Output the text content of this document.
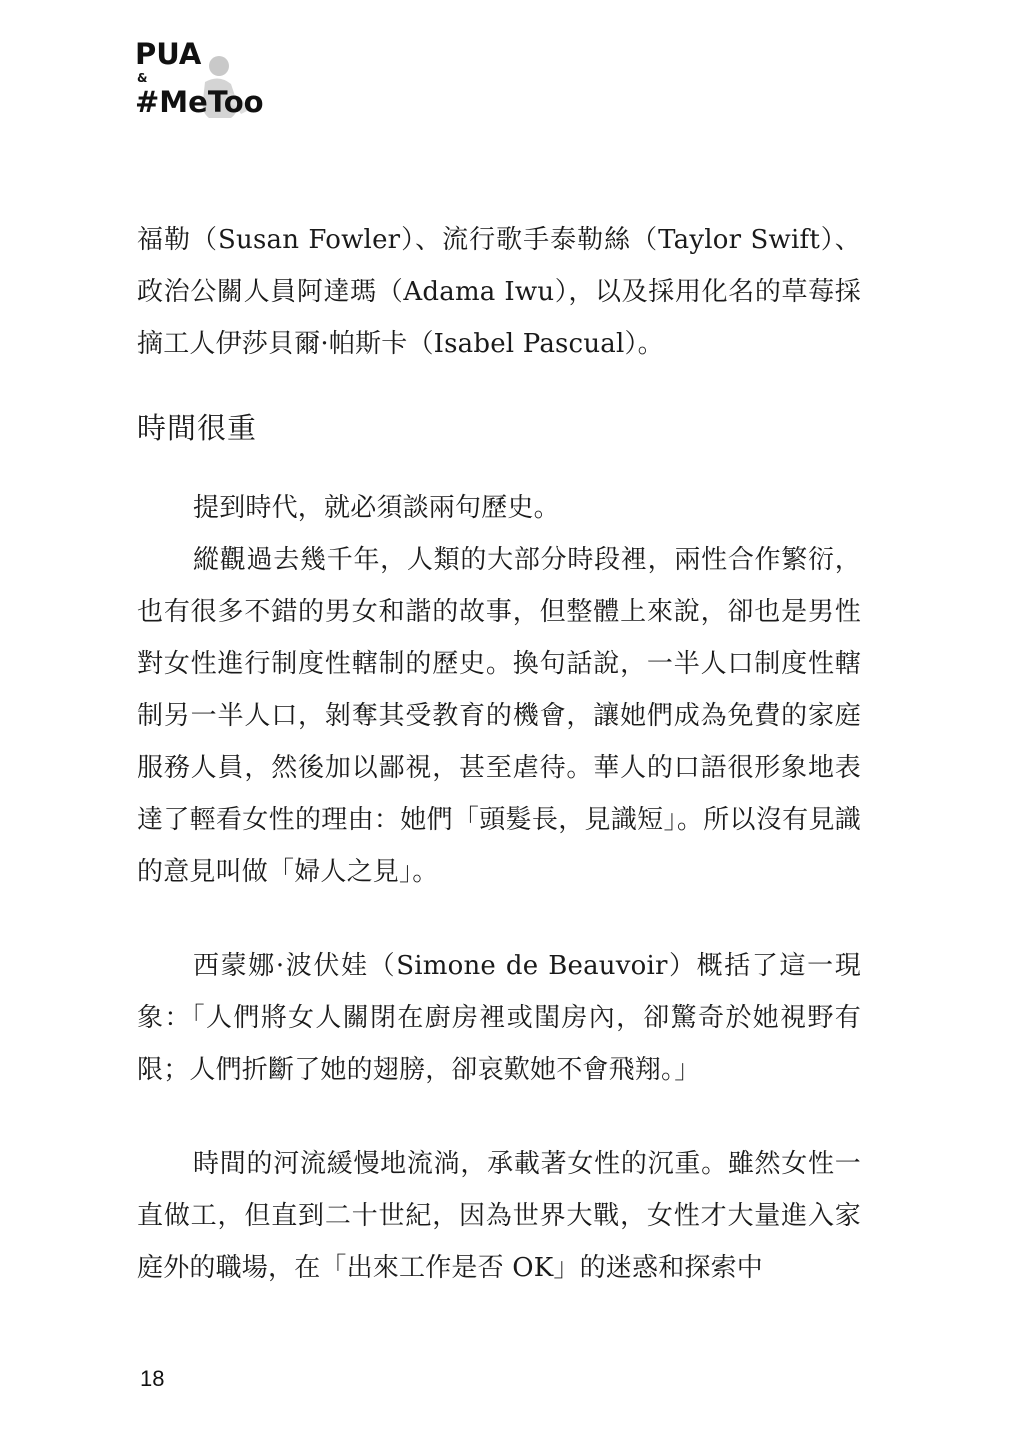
PUA
&
#MeToo

福勒（Susan Fowler）、流行歌手泰勒絲（Taylor Swift）、政治公關人員阿達瑪（Adama Iwu），以及採用化名的草莓採摘工人伊莎貝爾·帕斯卡（Isabel Pascual）。

時間很重

提到時代，就必須談兩句歷史。

縱觀過去幾千年，人類的大部分時段裡，兩性合作繁衍，也有很多不錯的男女和諧的故事，但整體上來說，卻也是男性對女性進行制度性轄制的歷史。換句話說，一半人口制度性轄制另一半人口，剝奪其受教育的機會，讓她們成為免費的家庭服務人員，然後加以鄙視，甚至虐待。華人的口語很形象地表達了輕看女性的理由：她們「頭髮長，見識短」。所以沒有見識的意見叫做「婦人之見」。

西蒙娜·波伏娃（Simone de Beauvoir）概括了這一現象：「人們將女人關閉在廚房裡或閨房內，卻驚奇於她視野有限；人們折斷了她的翅膀，卻哀歎她不會飛翔。」

時間的河流緩慢地流淌，承載著女性的沉重。雖然女性一直做工，但直到二十世紀，因為世界大戰，女性才大量進入家庭外的職場，在「出來工作是否 OK」的迷惑和探索中

18
